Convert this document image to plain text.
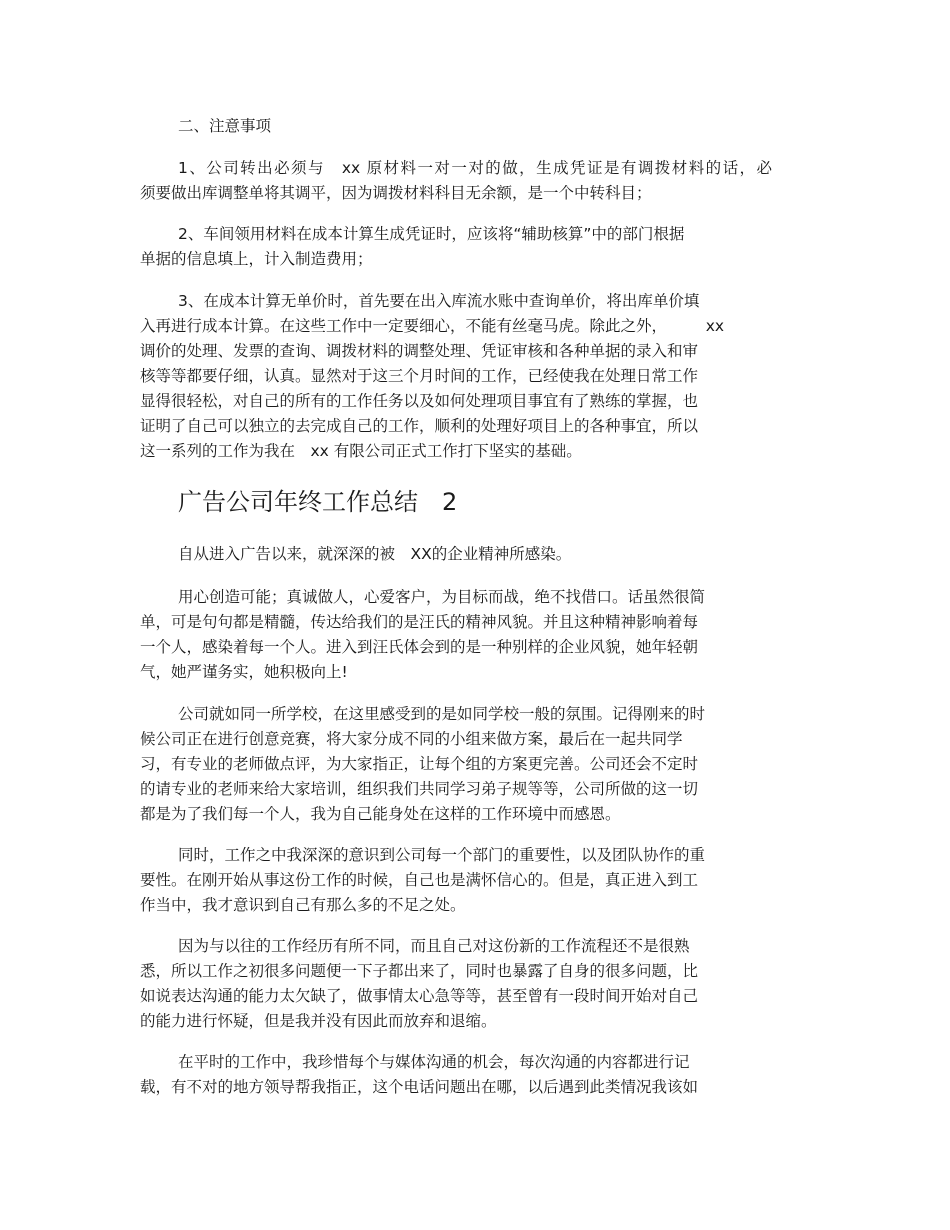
二、注意事项
1、公司转出必须与　xx 原材料一对一对的做，生成凭证是有调拨材料的话，必
须要做出库调整单将其调平，因为调拨材料科目无余额，是一个中转科目；
2、车间领用材料在成本计算生成凭证时，应该将“辅助核算”中的部门根据
单据的信息填上，计入制造费用；
3、在成本计算无单价时，首先要在出入库流水账中查询单价，将出库单价填
入再进行成本计算。在这些工作中一定要细心，不能有丝毫马虎。除此之外，　　　xx
调价的处理、发票的查询、调拨材料的调整处理、凭证审核和各种单据的录入和审
核等等都要仔细，认真。显然对于这三个月时间的工作，已经使我在处理日常工作
显得很轻松，对自己的所有的工作任务以及如何处理项目事宜有了熟练的掌握，也
证明了自己可以独立的去完成自己的工作，顺利的处理好项目上的各种事宜，所以
这一系列的工作为我在　xx 有限公司正式工作打下坚实的基础。
广告公司年终工作总结　2
自从进入广告以来，就深深的被　XX的企业精神所感染。
用心创造可能；真诚做人，心爱客户，为目标而战，绝不找借口。话虽然很简
单，可是句句都是精髓，传达给我们的是汪氏的精神风貌。并且这种精神影响着每
一个人，感染着每一个人。进入到汪氏体会到的是一种别样的企业风貌，她年轻朝
气，她严谨务实，她积极向上!
公司就如同一所学校，在这里感受到的是如同学校一般的氛围。记得刚来的时
候公司正在进行创意竞赛，将大家分成不同的小组来做方案，最后在一起共同学
习，有专业的老师做点评，为大家指正，让每个组的方案更完善。公司还会不定时
的请专业的老师来给大家培训，组织我们共同学习弟子规等等，公司所做的这一切
都是为了我们每一个人，我为自己能身处在这样的工作环境中而感恩。
同时，工作之中我深深的意识到公司每一个部门的重要性，以及团队协作的重
要性。在刚开始从事这份工作的时候，自己也是满怀信心的。但是，真正进入到工
作当中，我才意识到自己有那么多的不足之处。
因为与以往的工作经历有所不同，而且自己对这份新的工作流程还不是很熟
悉，所以工作之初很多问题便一下子都出来了，同时也暴露了自身的很多问题，比
如说表达沟通的能力太欠缺了，做事情太心急等等，甚至曾有一段时间开始对自己
的能力进行怀疑，但是我并没有因此而放弃和退缩。
在平时的工作中，我珍惜每个与媒体沟通的机会，每次沟通的内容都进行记
载，有不对的地方领导帮我指正，这个电话问题出在哪，以后遇到此类情况我该如
